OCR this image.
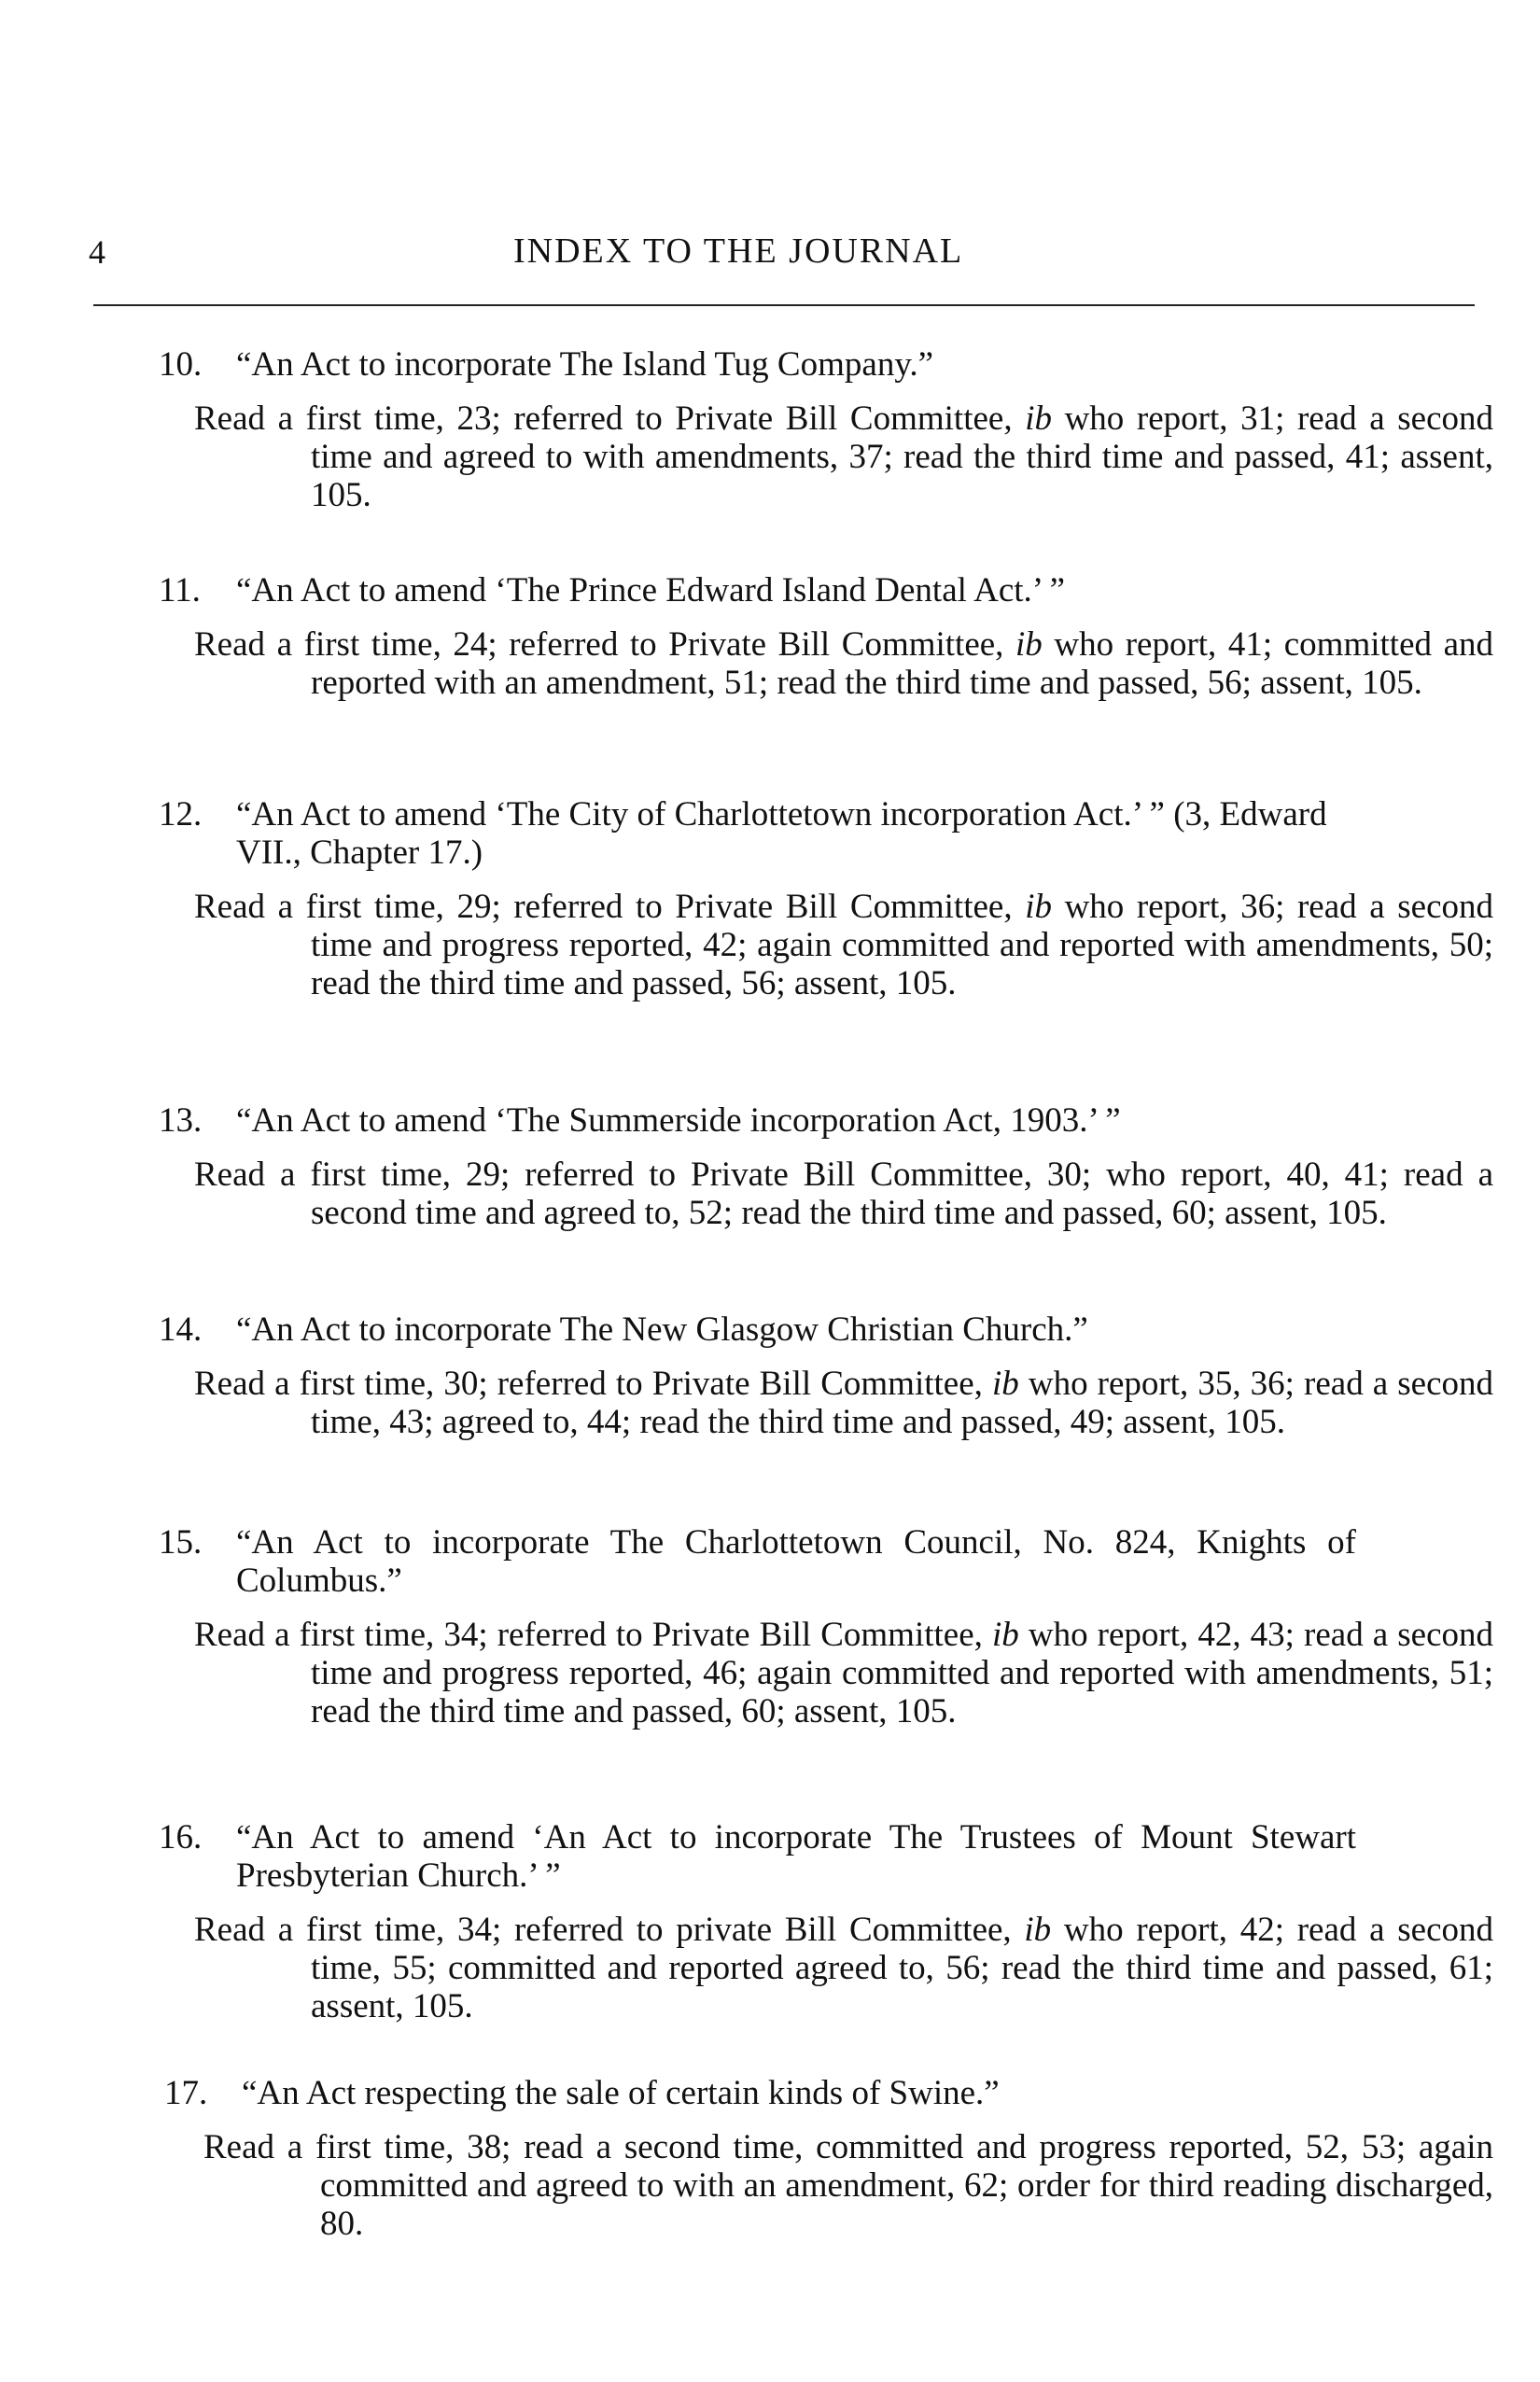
4	INDEX TO THE JOURNAL
10. “An Act to incorporate The Island Tug Company.”
Read a first time, 23; referred to Private Bill Committee, ib who report, 31; read a second time and agreed to with amendments, 37; read the third time and passed, 41; assent, 105.
11.	“An Act to amend ‘The Prince Edward Island Dental Act.’ ”
Read a first time, 24; referred to Private Bill Committee, ib who report, 41; committed and reported with an amendment, 51; read the third time and passed, 56; assent, 105.
12. “An Act to amend ‘The City of Charlottetown incorporation Act.’ ” (3, Edward VII., Chapter 17.)
Read a first time, 29; referred to Private Bill Committee, ib who report, 36; read a second time and progress reported, 42; again committed and reported with amendments, 50; read the third time and passed, 56; assent, 105.
13. “An Act to amend ‘The Summerside incorporation Act, 1903.’ ”
Read a first time, 29; referred to Private Bill Committee, 30; who report, 40, 41; read a second time and agreed to, 52; read the third time and passed, 60; assent, 105.
14. “An Act to incorporate The New Glasgow Christian Church.”
Read a first time, 30; referred to Private Bill Committee, ib who report, 35, 36; read a second time, 43; agreed to, 44; read the third time and passed, 49; assent, 105.
15. “An Act to incorporate The Charlottetown Council, No. 824, Knights of Columbus.”
Read a first time, 34; referred to Private Bill Committee, ib who report, 42, 43; read a second time and progress reported, 46; again committed and reported with amendments, 51; read the third time and passed, 60; assent, 105.
16. “An Act to amend ‘An Act to incorporate The Trustees of Mount Stewart Presbyterian Church.’ ”
Read a first time, 34; referred to private Bill Committee, ib who report, 42; read a second time, 55; committed and reported agreed to, 56; read the third time and passed, 61; assent, 105.
17. “An Act respecting the sale of certain kinds of Swine.”
Read a first time, 38; read a second time, committed and progress reported, 52, 53; again committed and agreed to with an amendment, 62; order for third reading discharged, 80.
